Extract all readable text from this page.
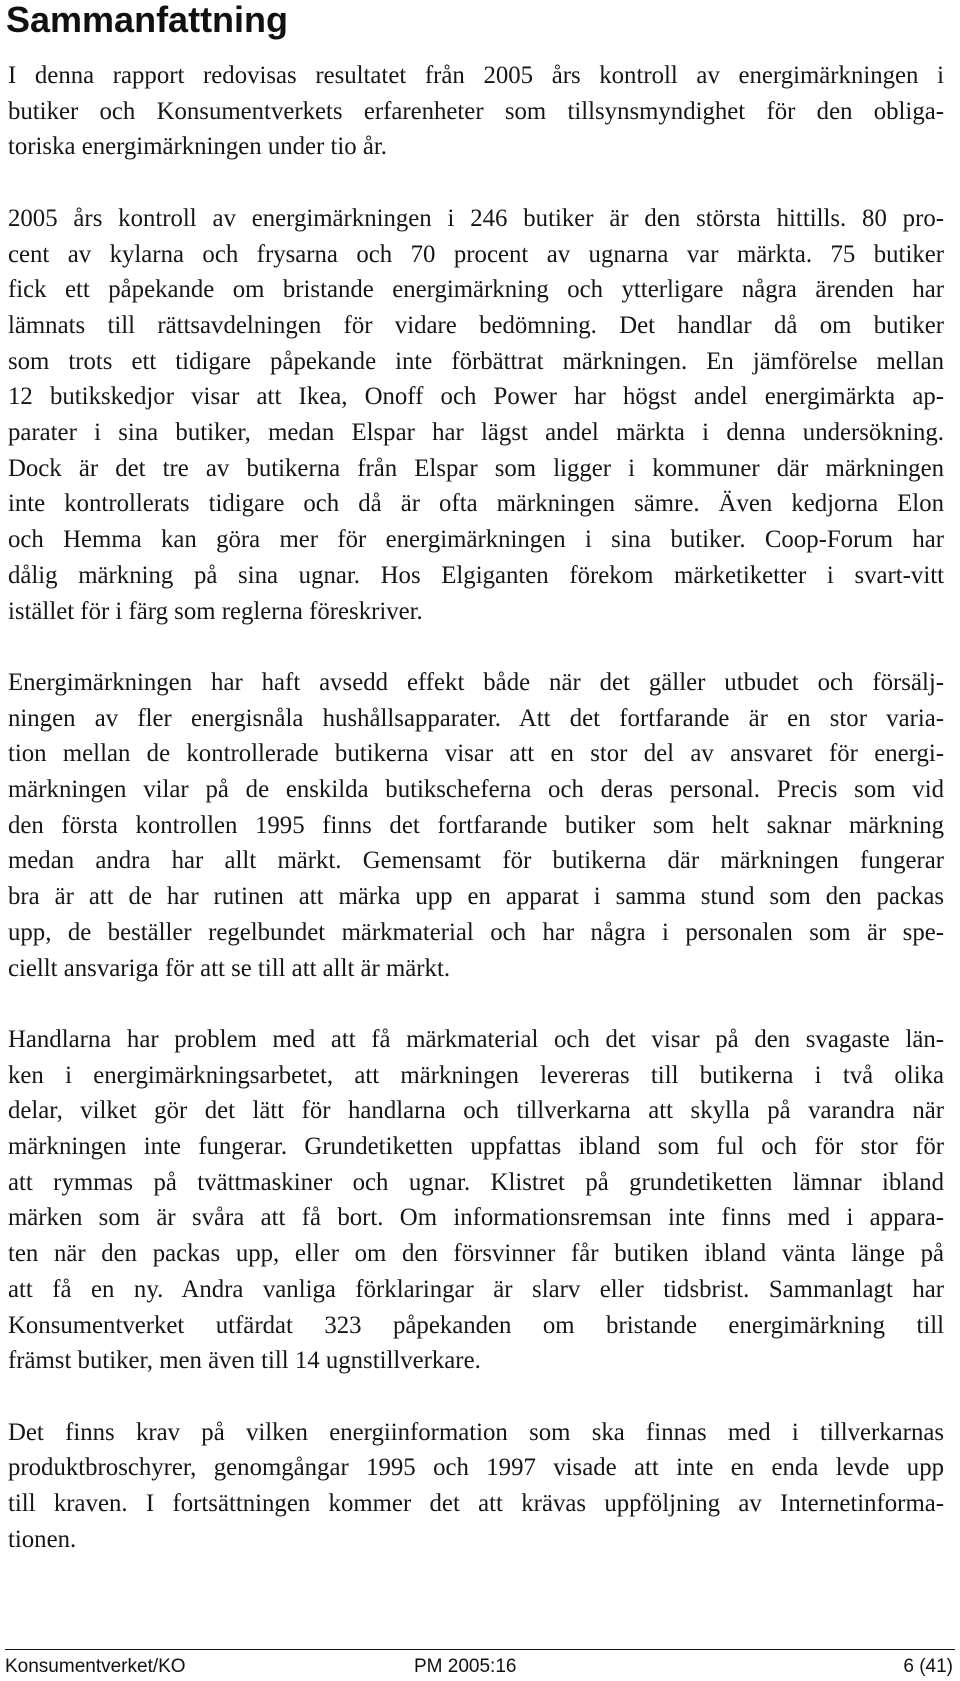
Sammanfattning

I denna rapport redovisas resultatet från 2005 års kontroll av energimärkningen i
butiker och Konsumentverkets erfarenheter som tillsynsmyndighet för den obliga-
toriska energimärkningen under tio år.

2005 års kontroll av energimärkningen i 246 butiker är den största hittills. 80 pro-
cent av kylarna och frysarna och 70 procent av ugnarna var märkta. 75 butiker
fick ett påpekande om bristande energimärkning och ytterligare några ärenden har
lämnats till rättsavdelningen för vidare bedömning. Det handlar då om butiker
som trots ett tidigare påpekande inte förbättrat märkningen. En jämförelse mellan
12 butikskedjor visar att Ikea, Onoff och Power har högst andel energimärkta ap-
parater i sina butiker, medan Elspar har lägst andel märkta i denna undersökning.
Dock är det tre av butikerna från Elspar som ligger i kommuner där märkningen
inte kontrollerats tidigare och då är ofta märkningen sämre. Även kedjorna Elon
och Hemma kan göra mer för energimärkningen i sina butiker. Coop-Forum har
dålig märkning på sina ugnar. Hos Elgiganten förekom märketiketter i svart-vitt
istället för i färg som reglerna föreskriver.

Energimärkningen har haft avsedd effekt både när det gäller utbudet och försälj-
ningen av fler energisnåla hushållsapparater. Att det fortfarande är en stor varia-
tion mellan de kontrollerade butikerna visar att en stor del av ansvaret för energi-
märkningen vilar på de enskilda butikscheferna och deras personal. Precis som vid
den första kontrollen 1995 finns det fortfarande butiker som helt saknar märkning
medan andra har allt märkt. Gemensamt för butikerna där märkningen fungerar
bra är att de har rutinen att märka upp en apparat i samma stund som den packas
upp, de beställer regelbundet märkmaterial och har några i personalen som är spe-
ciellt ansvariga för att se till att allt är märkt.

Handlarna har problem med att få märkmaterial och det visar på den svagaste län-
ken i energimärkningsarbetet, att märkningen levereras till butikerna i två olika
delar, vilket gör det lätt för handlarna och tillverkarna att skylla på varandra när
märkningen inte fungerar. Grundetiketten uppfattas ibland som ful och för stor för
att rymmas på tvättmaskiner och ugnar. Klistret på grundetiketten lämnar ibland
märken som är svåra att få bort. Om informationsremsan inte finns med i appara-
ten när den packas upp, eller om den försvinner får butiken ibland vänta länge på
att få en ny. Andra vanliga förklaringar är slarv eller tidsbrist. Sammanlagt har
Konsumentverket utfärdat 323 påpekanden om bristande energimärkning till
främst butiker, men även till 14 ugnstillverkare.

Det finns krav på vilken energiinformation som ska finnas med i tillverkarnas
produktbroschyrer, genomgångar 1995 och 1997 visade att inte en enda levde upp
till kraven. I fortsättningen kommer det att krävas uppföljning av Internetinforma-
tionen.

Konsumentverket/KO	PM 2005:16	6 (41)
